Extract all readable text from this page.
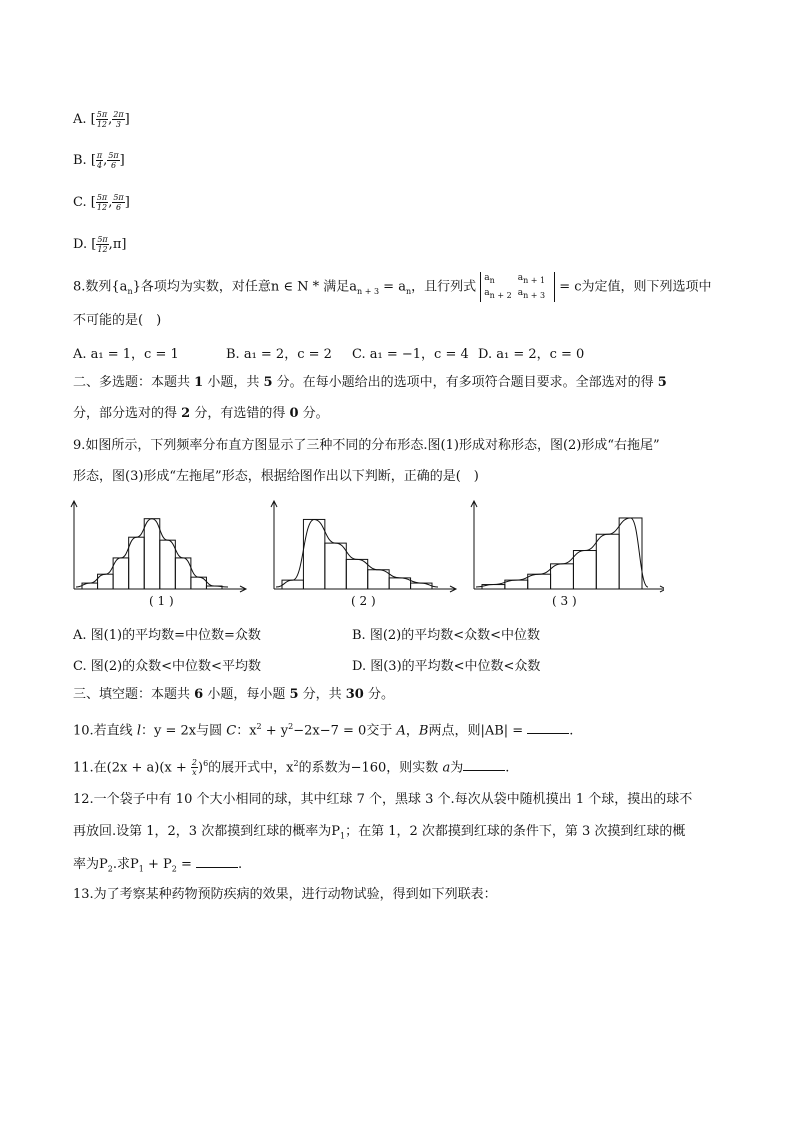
A. [ $\frac{5\pi}{12}$ , $\frac{2\pi}{3}$ ]
B. [ $\frac{\pi}{4}$ , $\frac{5\pi}{6}$ ]
C. [ $\frac{5\pi}{12}$ , $\frac{5\pi}{6}$ ]
D. [ $\frac{5\pi}{12} ,\pi$]
8.数列$\{a_n\}$各项均为实数，对任意n ∈ N * 满足$a_{n + 3} = a_n$，且行列式
$a_n$	$a_{n + 1}$
$a_{n + 2}$	$a_{n + 3}$
= c为定值，则下列选项中
不可能的是(　)
A. a₁ = 1，c = 1	B. a₁ = 2，c = 2 C. a₁ = −1，c = 4 D. a₁ = 2，c = 0
二、多选题：本题共 1 小题，共 5 分。在每小题给出的选项中，有多项符合题目要求。全部选对的得 5
分，部分选对的得 2 分，有选错的得 0 分。
9.如图所示，下列频率分布直方图显示了三种不同的分布形态.图(1)形成对称形态，图(2)形成“右拖尾”
形态，图(3)形成“左拖尾”形态，根据给图作出以下判断，正确的是(　)
( 1 )	( 2 )	( 3 )
A. 图(1)的平均数=中位数=众数	B. 图(2)的平均数<众数<中位数
C. 图(2)的众数<中位数<平均数	D. 图(3)的平均数<中位数<众数
三、填空题：本题共 6 小题，每小题 5 分，共 30 分。
10.若直线 l：y = 2x与圆 C：$x^2 + y^2-2x-7 = 0$交于 A，B两点，则|AB| =	.
11.在$(2x + a)(x + \frac{2}{x} )^6$的展开式中，$x^2$的系数为−160，则实数 a为	.
12.一个袋子中有 10 个大小相同的球，其中红球 7 个，黑球 3 个.每次从袋中随机摸出 1 个球，摸出的球不
再放回.设第 1，2，3 次都摸到红球的概率为$P_1$；在第 1，2 次都摸到红球的条件下，第 3 次摸到红球的概
率为$P_2$.求$P_1 + P_2$ =	.
13.为了考察某种药物预防疾病的效果，进行动物试验，得到如下列联表：
